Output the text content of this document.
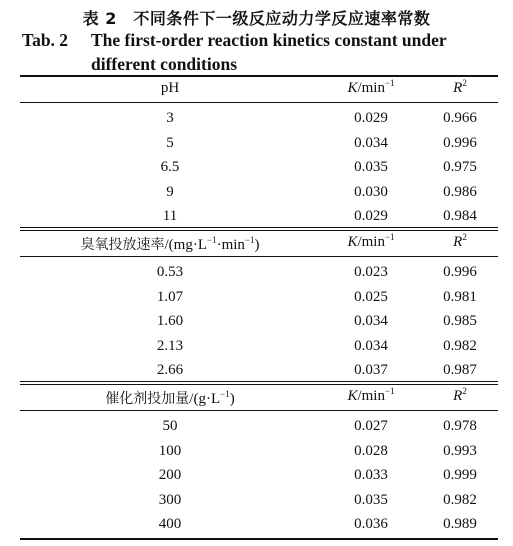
表 2　不同条件下一级反应动力学反应速率常数
Tab. 2 The first-order reaction kinetics constant under
different conditions
pH	$K/\min^{-1}$	$R^2$
3	0.029	0.966
5	0.034	0.996
6.5	0.035	0.975
9	0.030	0.986
11	0.029	0.984
臭氧投放速率$/(mg\cdot L^{-1}\cdot\min^{-1})$	$K/\min^{-1}$	$R^2$
0.53	0.023	0.996
1.07	0.025	0.981
1.60	0.034	0.985
2.13	0.034	0.982
2.66	0.037	0.987
催化剂投加量$/(g\cdot L^{-1})$	$K/\min^{-1}$	$R^2$
50	0.027	0.978
100	0.028	0.993
200	0.033	0.999
300	0.035	0.982
400	0.036	0.989
